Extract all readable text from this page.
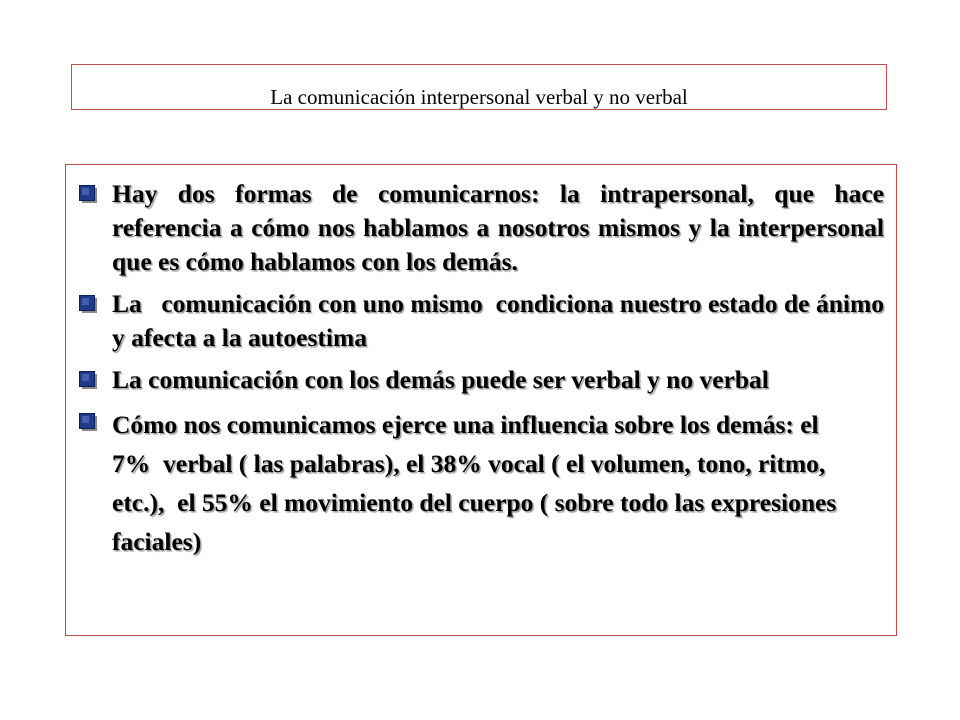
La comunicación interpersonal verbal y no verbal
Hay dos formas de comunicarnos: la intrapersonal, que hace referencia a cómo nos hablamos a nosotros mismos y la interpersonal que es cómo hablamos con los demás.
La   comunicación con uno mismo  condiciona nuestro estado de ánimo y afecta a la autoestima
La comunicación con los demás puede ser verbal y no verbal
Cómo nos comunicamos ejerce una influencia sobre los demás: el  7%  verbal ( las palabras), el 38% vocal ( el volumen, tono, ritmo, etc.),  el 55% el movimiento del cuerpo ( sobre todo las expresiones faciales)
